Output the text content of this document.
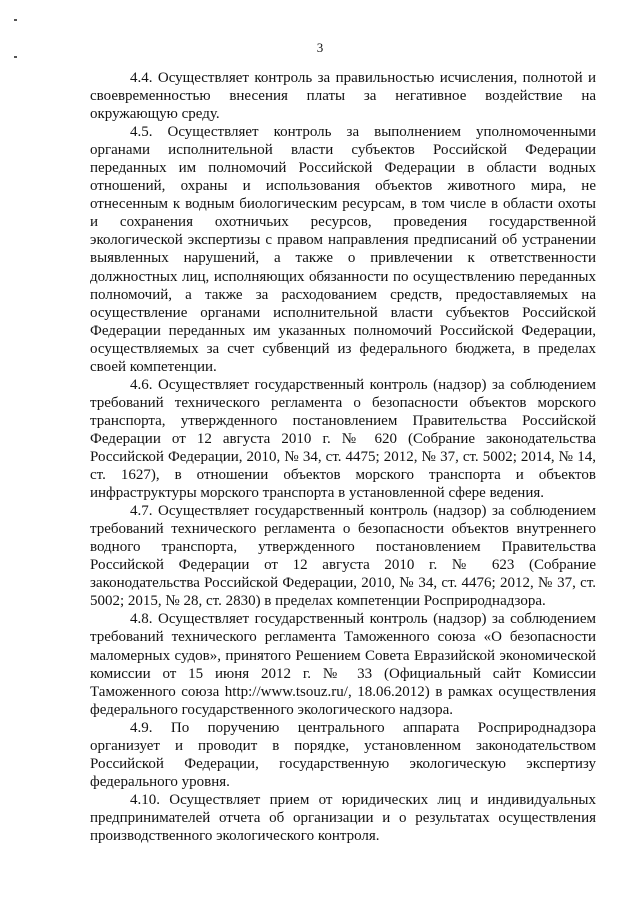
3

4.4. Осуществляет контроль за правильностью исчисления, полнотой и своевременностью внесения платы за негативное воздействие на окружающую среду.

4.5. Осуществляет контроль за выполнением уполномоченными органами исполнительной власти субъектов Российской Федерации переданных им полномочий Российской Федерации в области водных отношений, охраны и использования объектов животного мира, не отнесенным к водным биологическим ресурсам, в том числе в области охоты и сохранения охотничьих ресурсов, проведения государственной экологической экспертизы с правом направления предписаний об устранении выявленных нарушений, а также о привлечении к ответственности должностных лиц, исполняющих обязанности по осуществлению переданных полномочий, а также за расходованием средств, предоставляемых на осуществление органами исполнительной власти субъектов Российской Федерации переданных им указанных полномочий Российской Федерации, осуществляемых за счет субвенций из федерального бюджета, в пределах своей компетенции.

4.6. Осуществляет государственный контроль (надзор) за соблюдением требований технического регламента о безопасности объектов морского транспорта, утвержденного постановлением Правительства Российской Федерации от 12 августа 2010 г. № 620 (Собрание законодательства Российской Федерации, 2010, № 34, ст. 4475; 2012, № 37, ст. 5002; 2014, № 14, ст. 1627), в отношении объектов морского транспорта и объектов инфраструктуры морского транспорта в установленной сфере ведения.

4.7. Осуществляет государственный контроль (надзор) за соблюдением требований технического регламента о безопасности объектов внутреннего водного транспорта, утвержденного постановлением Правительства Российской Федерации от 12 августа 2010 г. № 623 (Собрание законодательства Российской Федерации, 2010, № 34, ст. 4476; 2012, № 37, ст. 5002; 2015, № 28, ст. 2830) в пределах компетенции Росприроднадзора.

4.8. Осуществляет государственный контроль (надзор) за соблюдением требований технического регламента Таможенного союза «О безопасности маломерных судов», принятого Решением Совета Евразийской экономической комиссии от 15 июня 2012 г. № 33 (Официальный сайт Комиссии Таможенного союза http://www.tsouz.ru/, 18.06.2012) в рамках осуществления федерального государственного экологического надзора.

4.9. По поручению центрального аппарата Росприроднадзора организует и проводит в порядке, установленном законодательством Российской Федерации, государственную экологическую экспертизу федерального уровня.

4.10. Осуществляет прием от юридических лиц и индивидуальных предпринимателей отчета об организации и о результатах осуществления производственного экологического контроля.
